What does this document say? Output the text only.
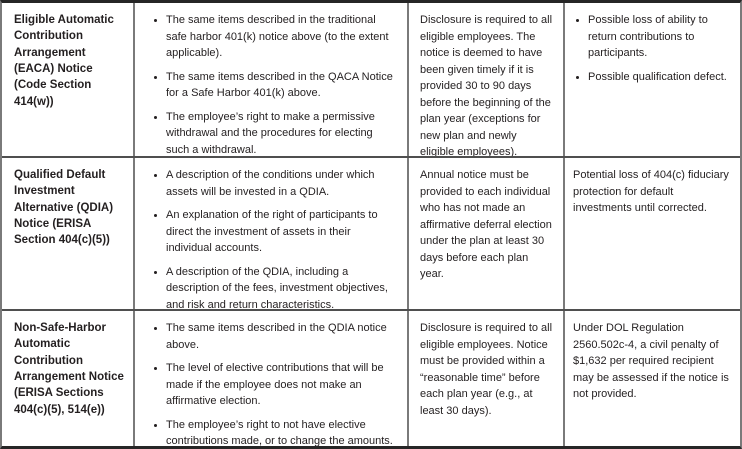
Eligible Automatic Contribution Arrangement (EACA) Notice (Code Section 414(w))
The same items described in the traditional safe harbor 401(k) notice above (to the extent applicable).
The same items described in the QACA Notice for a Safe Harbor 401(k) above.
The employee’s right to make a permissive withdrawal and the procedures for electing such a withdrawal.

Disclosure is required to all eligible employees. The notice is deemed to have been given timely if it is provided 30 to 90 days before the beginning of the plan year (exceptions for new plan and newly eligible employees).

Possible loss of ability to return contributions to participants.
Possible qualification defect.
Qualified Default Investment Alternative (QDIA) Notice (ERISA Section 404(c)(5))
A description of the conditions under which assets will be invested in a QDIA.
An explanation of the right of participants to direct the investment of assets in their individual accounts.
A description of the QDIA, including a description of the fees, investment objectives, and risk and return characteristics.

Annual notice must be provided to each individual who has not made an affirmative deferral election under the plan at least 30 days before each plan year.

Potential loss of 404(c) fiduciary protection for default investments until corrected.

Non-Safe-Harbor Automatic Contribution Arrangement Notice (ERISA Sections 404(c)(5), 514(e))
The same items described in the QDIA notice above.
The level of elective contributions that will be made if the employee does not make an affirmative election.
The employee’s right to not have elective contributions made, or to change the amounts.

Disclosure is required to all eligible employees. Notice must be provided within a “reasonable time” before each plan year (e.g., at least 30 days).

Under DOL Regulation 2560.502c-4, a civil penalty of $1,632 per required recipient may be assessed if the notice is not provided.
